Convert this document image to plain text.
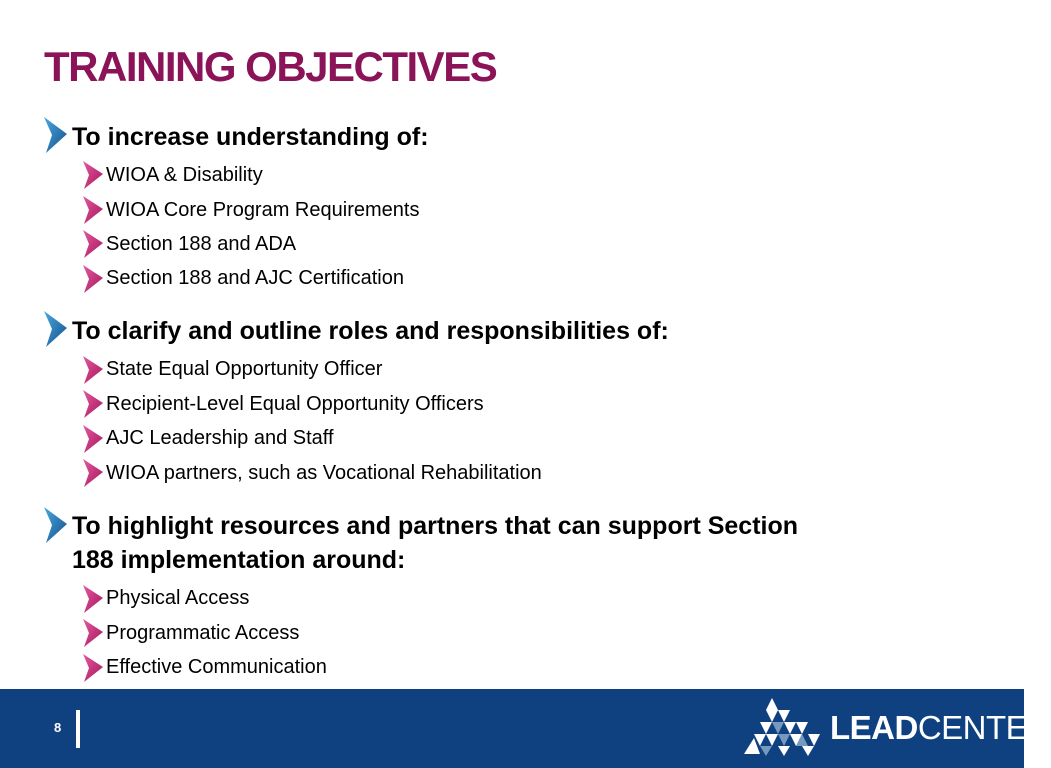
TRAINING OBJECTIVES
To increase understanding of:
WIOA & Disability
WIOA Core Program Requirements
Section 188 and ADA
Section 188 and AJC Certification
To clarify and outline roles and responsibilities of:
State Equal Opportunity Officer
Recipient-Level Equal Opportunity Officers
AJC Leadership and Staff
WIOA partners, such as Vocational Rehabilitation
To highlight resources and partners that can support Section
188 implementation around:
Physical Access
Programmatic Access
Effective Communication
8	LEADCENTER
